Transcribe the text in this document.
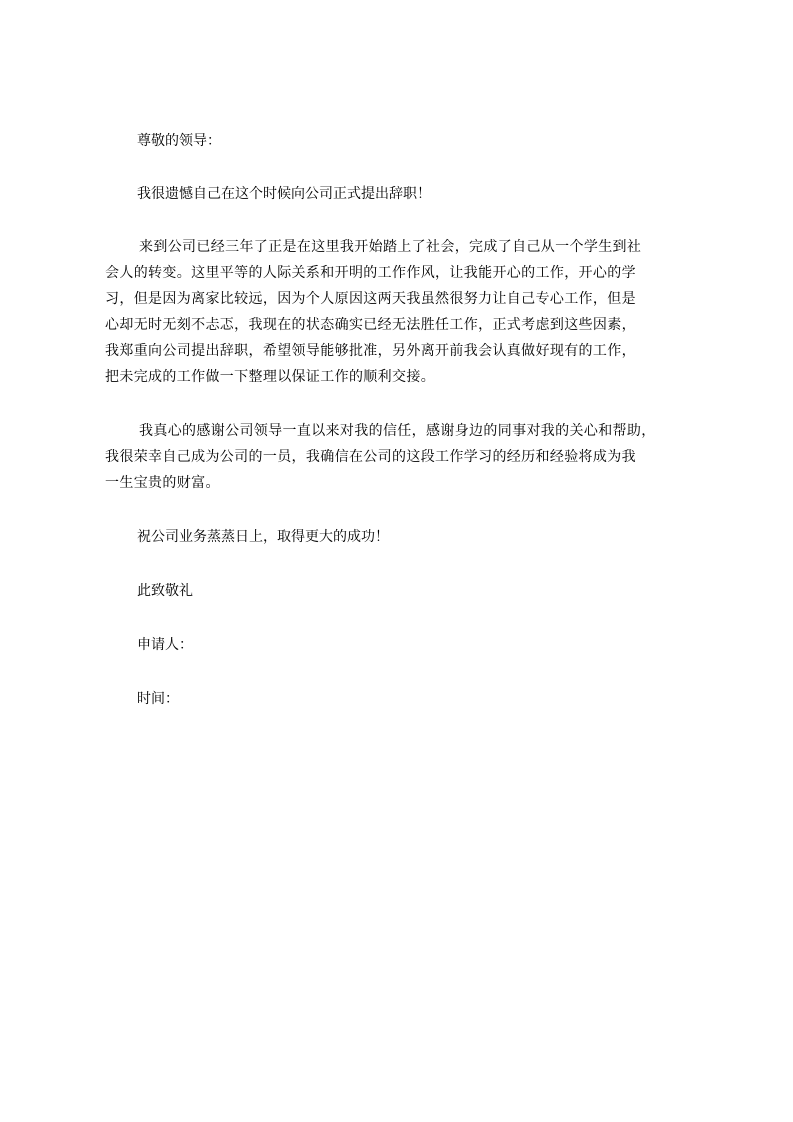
尊敬的领导：
我很遗憾自己在这个时候向公司正式提出辞职！
来到公司已经三年了正是在这里我开始踏上了社会，完成了自己从一个学生到社
会人的转变。这里平等的人际关系和开明的工作作风，让我能开心的工作，开心的学
习，但是因为离家比较远，因为个人原因这两天我虽然很努力让自己专心工作，但是
心却无时无刻不忐忑，我现在的状态确实已经无法胜任工作，正式考虑到这些因素，
我郑重向公司提出辞职，希望领导能够批准，另外离开前我会认真做好现有的工作，
把未完成的工作做一下整理以保证工作的顺利交接。
我真心的感谢公司领导一直以来对我的信任，感谢身边的同事对我的关心和帮助，
我很荣幸自己成为公司的一员，我确信在公司的这段工作学习的经历和经验将成为我
一生宝贵的财富。
祝公司业务蒸蒸日上，取得更大的成功！
此致敬礼
申请人：
时间：
